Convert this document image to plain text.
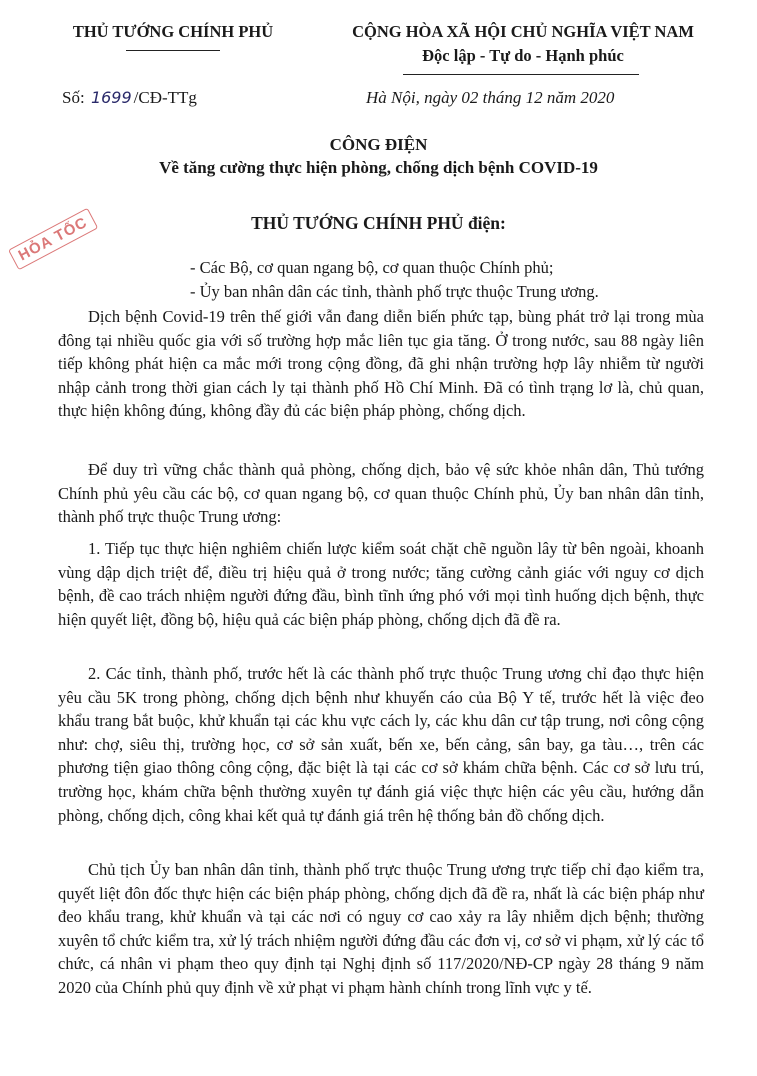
THỦ TƯỚNG CHÍNH PHỦ	CỘNG HÒA XÃ HỘI CHỦ NGHĨA VIỆT NAM
Độc lập - Tự do - Hạnh phúc
Số: 1699 /CĐ-TTg	Hà Nội, ngày 02 tháng 12 năm 2020
CÔNG ĐIỆN
Về tăng cường thực hiện phòng, chống dịch bệnh COVID-19
THỦ TƯỚNG CHÍNH PHỦ điện:
HỎA TỐC
- Các Bộ, cơ quan ngang bộ, cơ quan thuộc Chính phủ;
- Ủy ban nhân dân các tỉnh, thành phố trực thuộc Trung ương.

Dịch bệnh Covid-19 trên thế giới vẫn đang diễn biến phức tạp, bùng phát trở lại trong mùa đông tại nhiều quốc gia với số trường hợp mắc liên tục gia tăng. Ở trong nước, sau 88 ngày liên tiếp không phát hiện ca mắc mới trong cộng đồng, đã ghi nhận trường hợp lây nhiễm từ người nhập cảnh trong thời gian cách ly tại thành phố Hồ Chí Minh. Đã có tình trạng lơ là, chủ quan, thực hiện không đúng, không đầy đủ các biện pháp phòng, chống dịch.

Để duy trì vững chắc thành quả phòng, chống dịch, bảo vệ sức khỏe nhân dân, Thủ tướng Chính phủ yêu cầu các bộ, cơ quan ngang bộ, cơ quan thuộc Chính phủ, Ủy ban nhân dân tỉnh, thành phố trực thuộc Trung ương:

1. Tiếp tục thực hiện nghiêm chiến lược kiểm soát chặt chẽ nguồn lây từ bên ngoài, khoanh vùng dập dịch triệt để, điều trị hiệu quả ở trong nước; tăng cường cảnh giác với nguy cơ dịch bệnh, đề cao trách nhiệm người đứng đầu, bình tĩnh ứng phó với mọi tình huống dịch bệnh, thực hiện quyết liệt, đồng bộ, hiệu quả các biện pháp phòng, chống dịch đã đề ra.

2. Các tỉnh, thành phố, trước hết là các thành phố trực thuộc Trung ương chỉ đạo thực hiện yêu cầu 5K trong phòng, chống dịch bệnh như khuyến cáo của Bộ Y tế, trước hết là việc đeo khẩu trang bắt buộc, khử khuẩn tại các khu vực cách ly, các khu dân cư tập trung, nơi công cộng như: chợ, siêu thị, trường học, cơ sở sản xuất, bến xe, bến cảng, sân bay, ga tàu…, trên các phương tiện giao thông công cộng, đặc biệt là tại các cơ sở khám chữa bệnh. Các cơ sở lưu trú, trường học, khám chữa bệnh thường xuyên tự đánh giá việc thực hiện các yêu cầu, hướng dẫn phòng, chống dịch, công khai kết quả tự đánh giá trên hệ thống bản đồ chống dịch.

Chủ tịch Ủy ban nhân dân tỉnh, thành phố trực thuộc Trung ương trực tiếp chỉ đạo kiểm tra, quyết liệt đôn đốc thực hiện các biện pháp phòng, chống dịch đã đề ra, nhất là các biện pháp như đeo khẩu trang, khử khuẩn và tại các nơi có nguy cơ cao xảy ra lây nhiễm dịch bệnh; thường xuyên tổ chức kiểm tra, xử lý trách nhiệm người đứng đầu các đơn vị, cơ sở vi phạm, xử lý các tổ chức, cá nhân vi phạm theo quy định tại Nghị định số 117/2020/NĐ-CP ngày 28 tháng 9 năm 2020 của Chính phủ quy định về xử phạt vi phạm hành chính trong lĩnh vực y tế.
